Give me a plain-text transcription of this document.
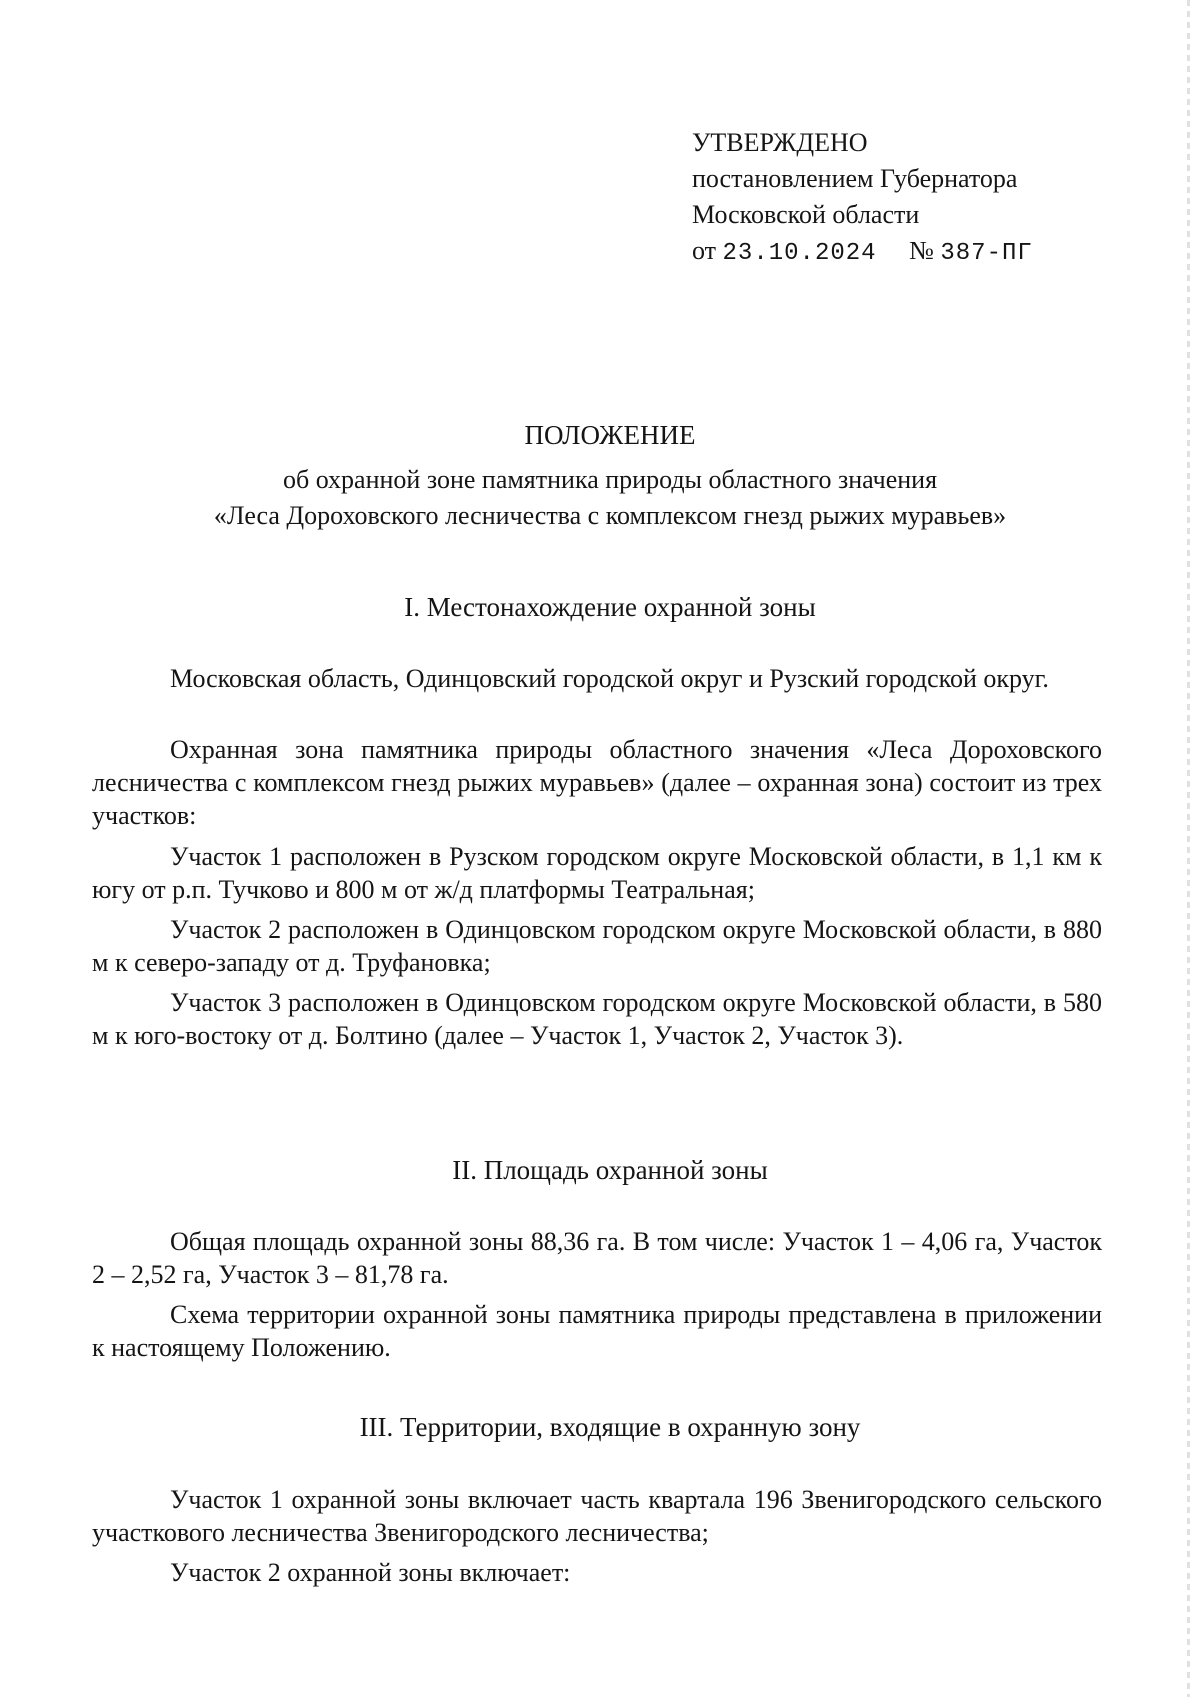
УТВЕРЖДЕНО
постановлением Губернатора
Московской области
от 23.10.2024 № 387-ПГ
ПОЛОЖЕНИЕ
об охранной зоне памятника природы областного значения
«Леса Дороховского лесничества с комплексом гнезд рыжих муравьев»
I. Местонахождение охранной зоны
Московская область, Одинцовский городской округ и Рузский городской округ.
Охранная зона памятника природы областного значения «Леса Дороховского лесничества с комплексом гнезд рыжих муравьев» (далее – охранная зона) состоит из трех участков:
Участок 1 расположен в Рузском городском округе Московской области, в 1,1 км к югу от р.п. Тучково и 800 м от ж/д платформы Театральная;
Участок 2 расположен в Одинцовском городском округе Московской области, в 880 м к северо-западу от д. Труфановка;
Участок 3 расположен в Одинцовском городском округе Московской области, в 580 м к юго-востоку от д. Болтино (далее – Участок 1, Участок 2, Участок 3).
II. Площадь охранной зоны
Общая площадь охранной зоны 88,36 га. В том числе: Участок 1 – 4,06 га, Участок 2 – 2,52 га, Участок 3 – 81,78 га.
Схема территории охранной зоны памятника природы представлена в приложении к настоящему Положению.
III. Территории, входящие в охранную зону
Участок 1 охранной зоны включает часть квартала 196 Звенигородского сельского участкового лесничества Звенигородского лесничества;
Участок 2 охранной зоны включает:
